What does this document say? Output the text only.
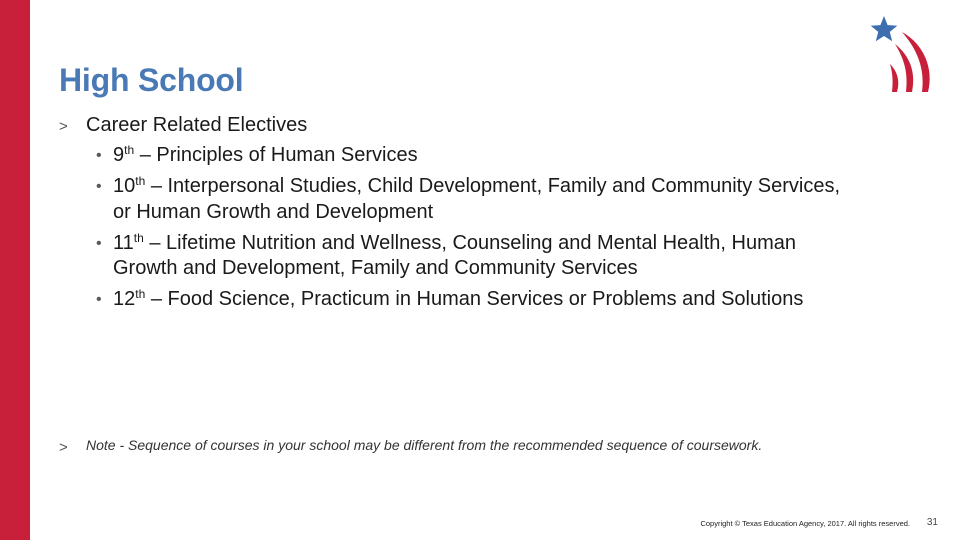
High School
> Career Related Electives
• 9th – Principles of Human Services
• 10th – Interpersonal Studies, Child Development, Family and Community Services, or Human Growth and Development
• 11th – Lifetime Nutrition and Wellness, Counseling and Mental Health, Human Growth and Development, Family and Community Services
• 12th – Food Science, Practicum in Human Services or Problems and Solutions
> Note - Sequence of courses in your school may be different from the recommended sequence of coursework.

Copyright © Texas Education Agency, 2017. All rights reserved.	31
